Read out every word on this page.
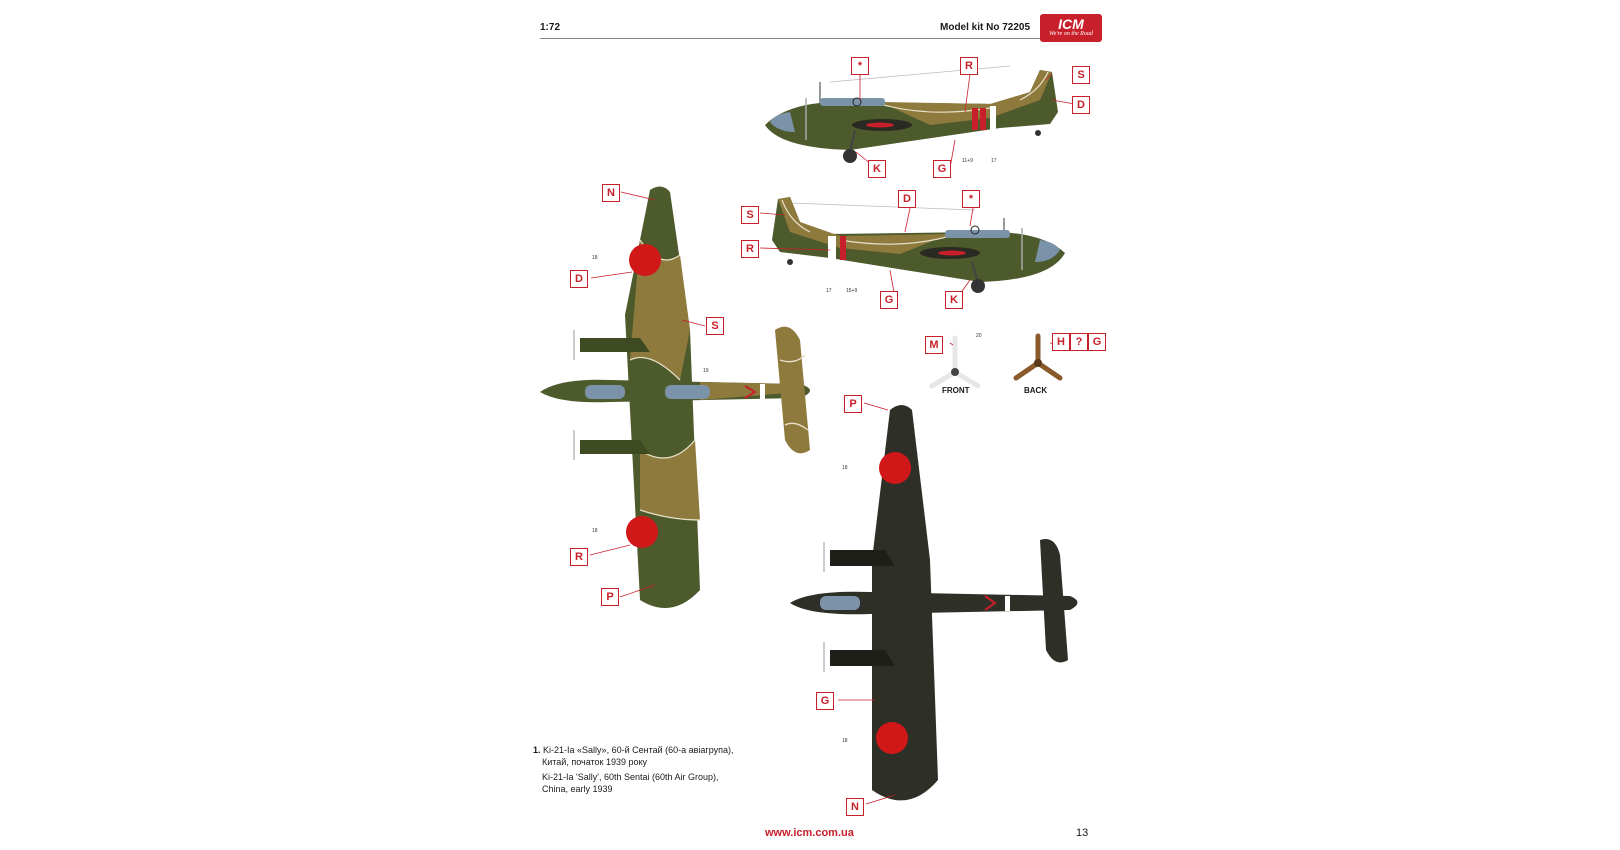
1:72	Model kit No 72205	ICM
We're on the Road
*	R
S
D
K	G
11+9	17
D	*
S
R
G	K
17	15+9
N
D
S
R
P
18
19
18
P
G
N
18
18
M
20	H ? G
FRONT	BACK
1. Ki-21-Ia «Sally», 60-й Сентай (60-а авіагрупа),
Китай, початок 1939 року
Ki-21-Ia 'Sally', 60th Sentai (60th Air Group),
China, early 1939
www.icm.com.ua	13
